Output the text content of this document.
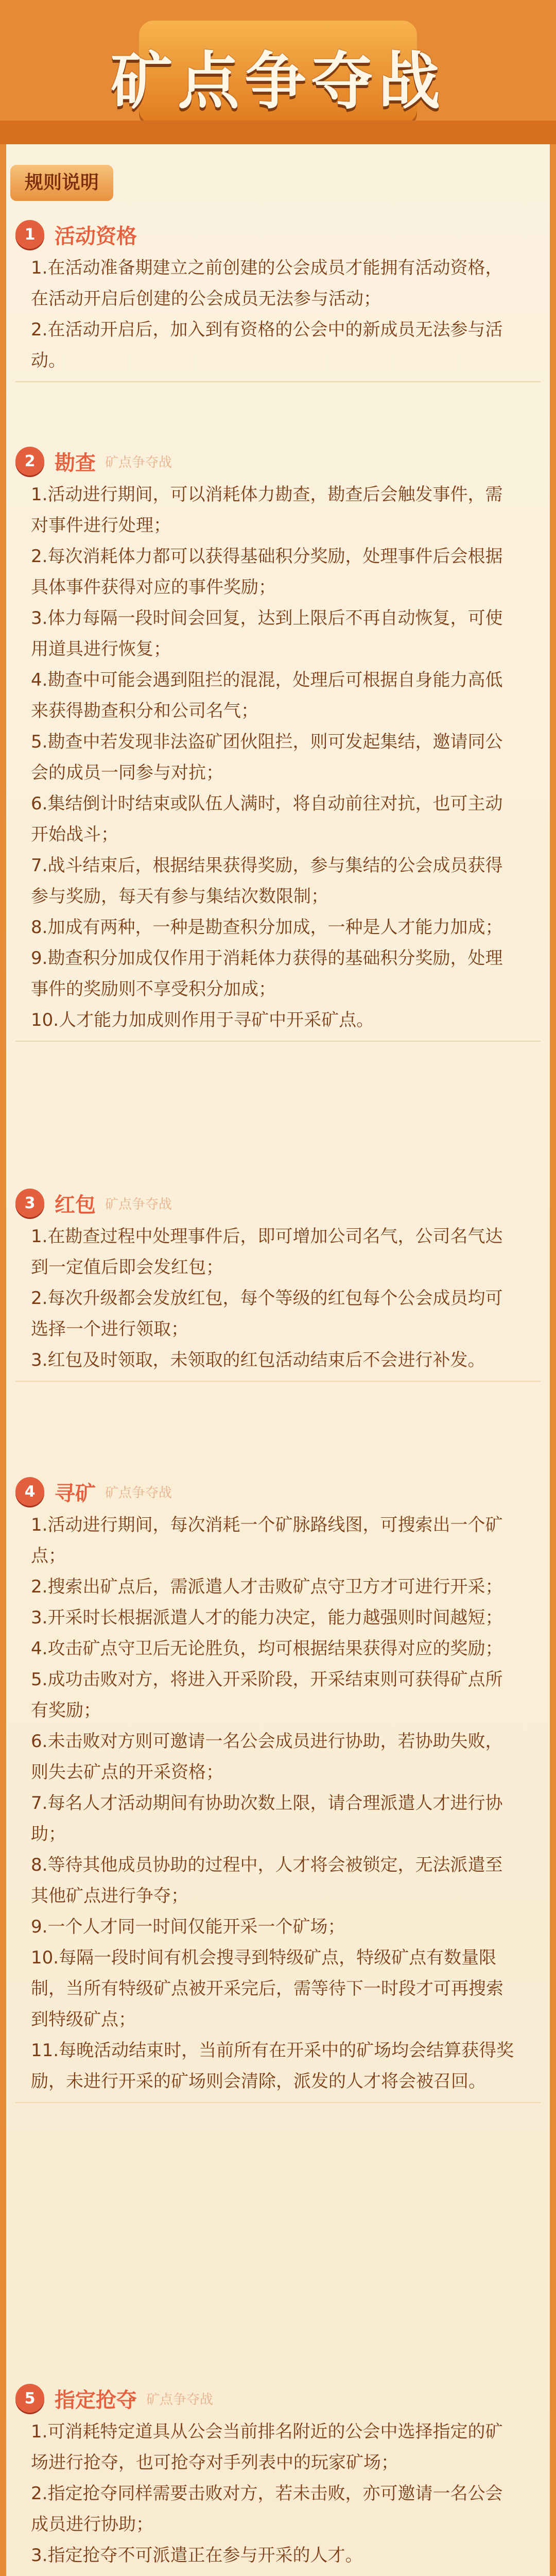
矿点争夺战
规则说明
1 活动资格
1.在活动准备期建立之前创建的公会成员才能拥有活动资格，在活动开启后创建的公会成员无法参与活动；
2.在活动开启后，加入到有资格的公会中的新成员无法参与活动。
2 勘查 矿点争夺战
1.活动进行期间，可以消耗体力勘查，勘查后会触发事件，需对事件进行处理；
2.每次消耗体力都可以获得基础积分奖励，处理事件后会根据具体事件获得对应的事件奖励；
3.体力每隔一段时间会回复，达到上限后不再自动恢复，可使用道具进行恢复；
4.勘查中可能会遇到阻拦的混混，处理后可根据自身能力高低来获得勘查积分和公司名气；
5.勘查中若发现非法盗矿团伙阻拦，则可发起集结，邀请同公会的成员一同参与对抗；
6.集结倒计时结束或队伍人满时，将自动前往对抗，也可主动开始战斗；
7.战斗结束后，根据结果获得奖励，参与集结的公会成员获得参与奖励，每天有参与集结次数限制；
8.加成有两种，一种是勘查积分加成，一种是人才能力加成；
9.勘查积分加成仅作用于消耗体力获得的基础积分奖励，处理事件的奖励则不享受积分加成；
10.人才能力加成则作用于寻矿中开采矿点。
3 红包 矿点争夺战
1.在勘查过程中处理事件后，即可增加公司名气，公司名气达到一定值后即会发红包；
2.每次升级都会发放红包，每个等级的红包每个公会成员均可选择一个进行领取；
3.红包及时领取，未领取的红包活动结束后不会进行补发。
4 寻矿 矿点争夺战
1.活动进行期间，每次消耗一个矿脉路线图，可搜索出一个矿点；
2.搜索出矿点后，需派遣人才击败矿点守卫方才可进行开采；
3.开采时长根据派遣人才的能力决定，能力越强则时间越短；
4.攻击矿点守卫后无论胜负，均可根据结果获得对应的奖励；
5.成功击败对方，将进入开采阶段，开采结束则可获得矿点所有奖励；
6.未击败对方则可邀请一名公会成员进行协助，若协助失败，则失去矿点的开采资格；
7.每名人才活动期间有协助次数上限，请合理派遣人才进行协助；
8.等待其他成员协助的过程中，人才将会被锁定，无法派遣至其他矿点进行争夺；
9.一个人才同一时间仅能开采一个矿场；
10.每隔一段时间有机会搜寻到特级矿点，特级矿点有数量限制，当所有特级矿点被开采完后，需等待下一时段才可再搜索到特级矿点；
11.每晚活动结束时，当前所有在开采中的矿场均会结算获得奖励，未进行开采的矿场则会清除，派发的人才将会被召回。
5 指定抢夺 矿点争夺战
1.可消耗特定道具从公会当前排名附近的公会中选择指定的矿场进行抢夺，也可抢夺对手列表中的玩家矿场；
2.指定抢夺同样需要击败对方，若未击败，亦可邀请一名公会成员进行协助；
3.指定抢夺不可派遣正在参与开采的人才。
